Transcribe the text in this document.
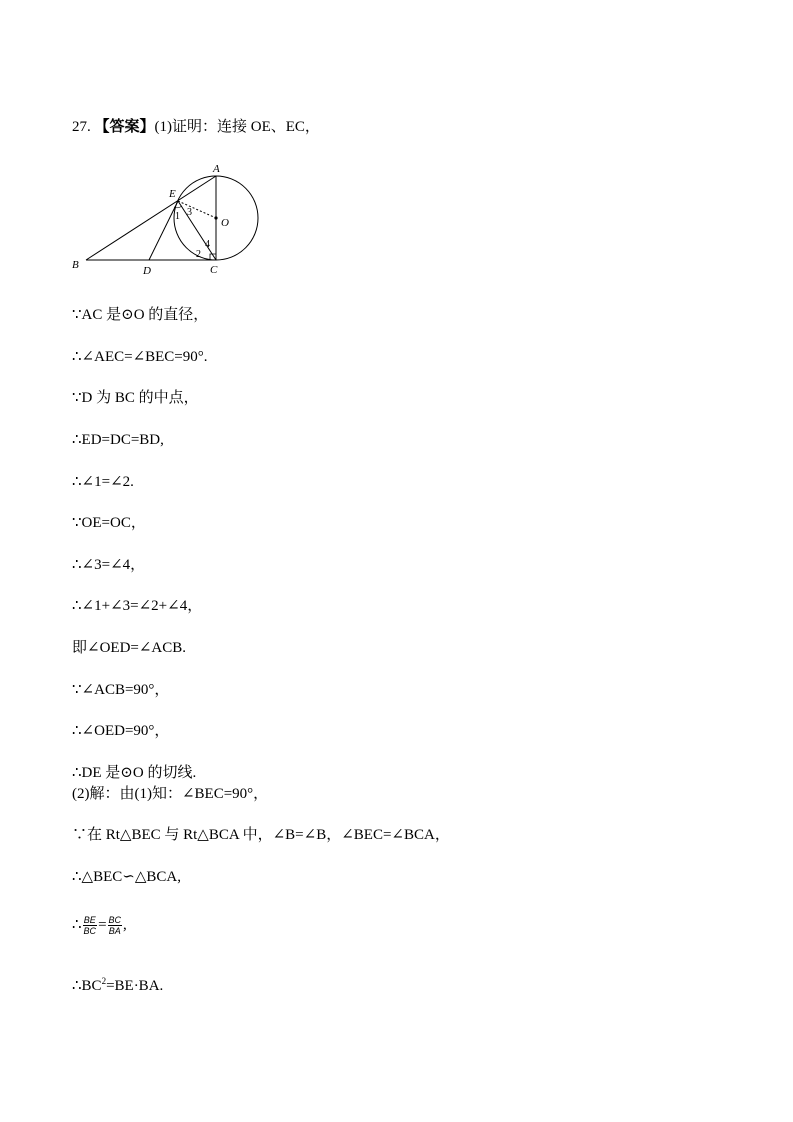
27. 【答案】(1)证明：连接 OE、EC，
A
E
O
B	D	C
1 3
4
2
∵AC 是⊙O 的直径，
∴∠AEC=∠BEC=90°.
∵D 为 BC 的中点，
∴ED=DC=BD,
∴∠1=∠2.
∵OE=OC，
∴∠3=∠4，
∴∠1+∠3=∠2+∠4，
即∠OED=∠ACB.
∵∠ACB=90°，
∴∠OED=90°，
∴DE 是⊙O 的切线.
(2)解：由(1)知：∠BEC=90°，
∵在 Rt△BEC 与 Rt△BCA 中，∠B=∠B，∠BEC=∠BCA，
∴△BEC∽△BCA,
∴ $\frac{BE}{BC} = \frac{BC}{BA}$ ,
$\therefore BC^2=BE\cdot BA$.
